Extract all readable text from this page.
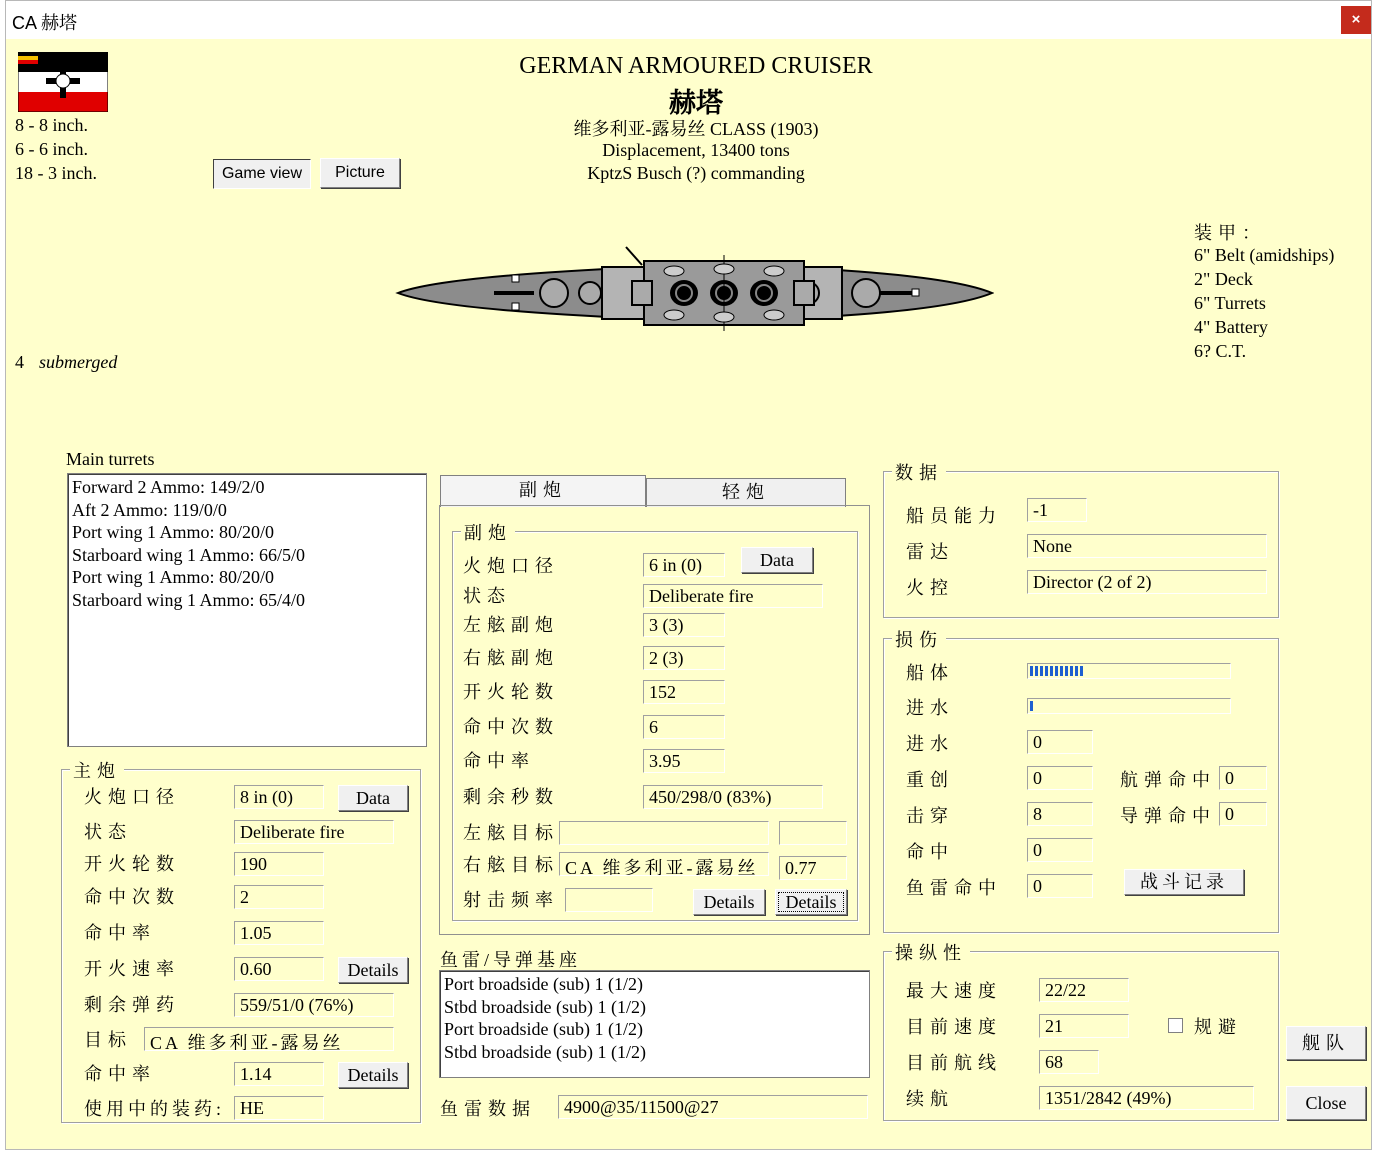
CA 赫塔	×
8 - 8 inch.
6 - 6 inch.
18 - 3 inch.	Game view	Picture
GERMAN ARMOURED CRUISER
赫塔
维多利亚-露易丝 CLASS (1903)
Displacement, 13400 tons
KptzS Busch (?) commanding
装甲：
6" Belt (amidships)
2" Deck
6" Turrets
4" Battery
6? C.T.
4 submerged
Main turrets
Forward 2 Ammo: 149/2/0
Aft 2 Ammo: 119/0/0
Port wing 1 Ammo: 80/20/0
Starboard wing 1 Ammo: 66/5/0
Port wing 1 Ammo: 80/20/0
Starboard wing 1 Ammo: 65/4/0
主炮
火炮口径	8 in (0)	Data
状态	Deliberate fire
开火轮数	190
命中次数	2
命中率	1.05
开火速率	0.60	Details
剩余弹药	559/51/0 (76%)
目标	CA 维多利亚-露易丝
命中率	1.14	Details
使用中的装药: HE
副炮	轻炮
副炮
火炮口径	6 in (0)	Data
状态	Deliberate fire
左舷副炮	3 (3)
右舷副炮	2 (3)
开火轮数	152
命中次数	6
命中率	3.95
剩余秒数	450/298/0 (83%)
左舷目标
右舷目标 CA 维多利亚-露易丝	0.77
射击频率	Details	Details
鱼雷/导弹基座
Port broadside (sub) 1 (1/2)
Stbd broadside (sub) 1 (1/2)
Port broadside (sub) 1 (1/2)
Stbd broadside (sub) 1 (1/2)
鱼雷数据	4900@35/11500@27
数据
船员能力	-1
雷达	None
火控	Director (2 of 2)
损伤
船体
进水
进水	0
重创	0	航弹命中 0
击穿	8	导弹命中 0
命中	0
鱼雷命中	0	战斗记录
操纵性
最大速度	22/22
目前速度	21	规避
目前航线	68
续航	1351/2842 (49%)
舰队
Close
